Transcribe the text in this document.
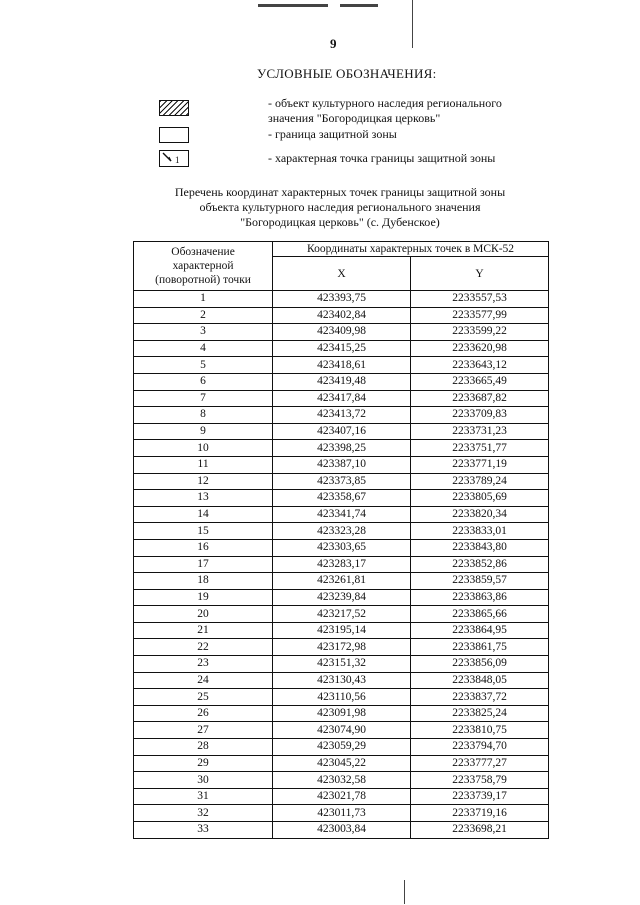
9
УСЛОВНЫЕ ОБОЗНАЧЕНИЯ:
1
- объект культурного наследия регионального
значения "Богородицкая церковь"
- граница защитной зоны
- характерная точка границы защитной зоны
Перечень координат характерных точек границы защитной зоны
объекта культурного наследия регионального значения
"Богородицкая церковь" (с. Дубенское)
Обозначение
характерной
(поворотной) точки	Координаты характерных точек в МСК-52	
	X	Y
1	423393,75	2233557,53
2	423402,84	2233577,99
3	423409,98	2233599,22
4	423415,25	2233620,98
5	423418,61	2233643,12
6	423419,48	2233665,49
7	423417,84	2233687,82
8	423413,72	2233709,83
9	423407,16	2233731,23
10	423398,25	2233751,77
11	423387,10	2233771,19
12	423373,85	2233789,24
13	423358,67	2233805,69
14	423341,74	2233820,34
15	423323,28	2233833,01
16	423303,65	2233843,80
17	423283,17	2233852,86
18	423261,81	2233859,57
19	423239,84	2233863,86
20	423217,52	2233865,66
21	423195,14	2233864,95
22	423172,98	2233861,75
23	423151,32	2233856,09
24	423130,43	2233848,05
25	423110,56	2233837,72
26	423091,98	2233825,24
27	423074,90	2233810,75
28	423059,29	2233794,70
29	423045,22	2233777,27
30	423032,58	2233758,79
31	423021,78	2233739,17
32	423011,73	2233719,16
33	423003,84	2233698,21
